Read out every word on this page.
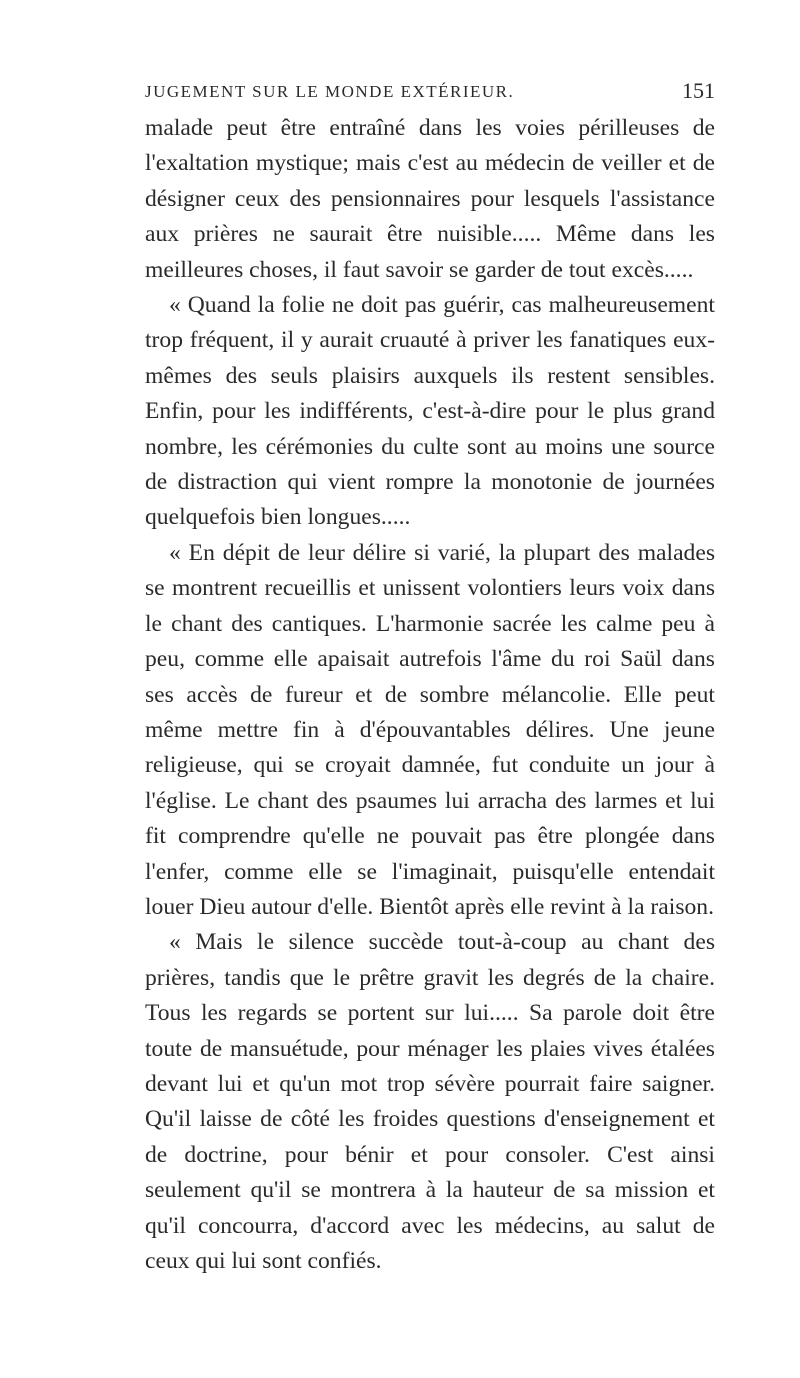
JUGEMENT SUR LE MONDE EXTÉRIEUR.	151

malade peut être entraîné dans les voies périlleuses de l'exaltation mystique; mais c'est au médecin de veiller et de désigner ceux des pensionnaires pour lesquels l'assistance aux prières ne saurait être nuisible..... Même dans les meilleures choses, il faut savoir se garder de tout excès.....

« Quand la folie ne doit pas guérir, cas malheureusement trop fréquent, il y aurait cruauté à priver les fanatiques eux-mêmes des seuls plaisirs auxquels ils restent sensibles. Enfin, pour les indifférents, c'est-à-dire pour le plus grand nombre, les cérémonies du culte sont au moins une source de distraction qui vient rompre la monotonie de journées quelquefois bien longues.....

« En dépit de leur délire si varié, la plupart des malades se montrent recueillis et unissent volontiers leurs voix dans le chant des cantiques. L'harmonie sacrée les calme peu à peu, comme elle apaisait autrefois l'âme du roi Saül dans ses accès de fureur et de sombre mélancolie. Elle peut même mettre fin à d'épouvantables délires. Une jeune religieuse, qui se croyait damnée, fut conduite un jour à l'église. Le chant des psaumes lui arracha des larmes et lui fit comprendre qu'elle ne pouvait pas être plongée dans l'enfer, comme elle se l'imaginait, puisqu'elle entendait louer Dieu autour d'elle. Bientôt après elle revint à la raison.

« Mais le silence succède tout-à-coup au chant des prières, tandis que le prêtre gravit les degrés de la chaire. Tous les regards se portent sur lui..... Sa parole doit être toute de mansuétude, pour ménager les plaies vives étalées devant lui et qu'un mot trop sévère pourrait faire saigner. Qu'il laisse de côté les froides questions d'enseignement et de doctrine, pour bénir et pour consoler. C'est ainsi seulement qu'il se montrera à la hauteur de sa mission et qu'il concourra, d'accord avec les médecins, au salut de ceux qui lui sont confiés.
